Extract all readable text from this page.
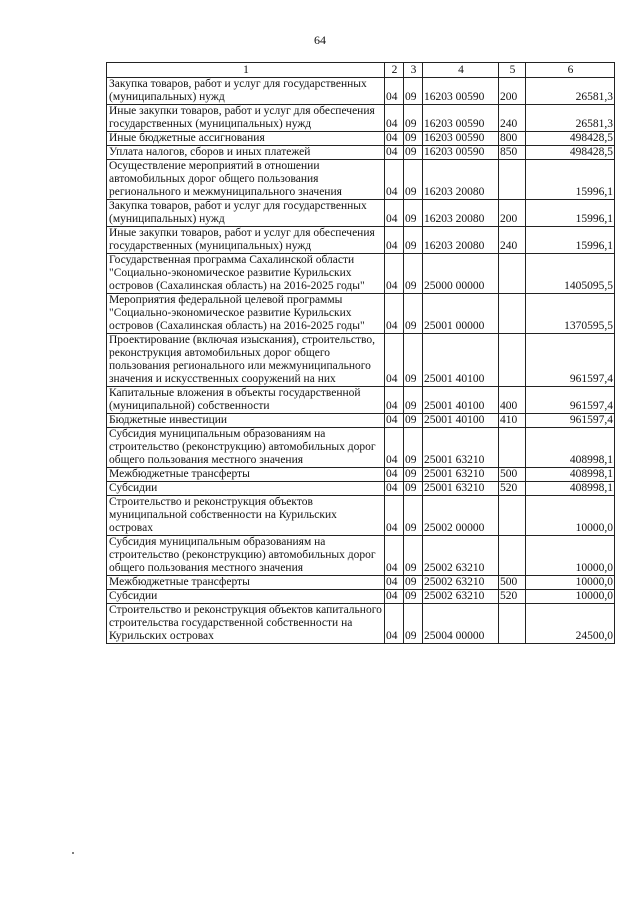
64
1	2	3	4	5	6
Закупка товаров, работ и услуг для государственных (муниципальных) нужд	04	09	16203 00590	200	26581,3
Иные закупки товаров, работ и услуг для обеспечения государственных (муниципальных) нужд	04	09	16203 00590	240	26581,3
Иные бюджетные ассигнования	04	09	16203 00590	800	498428,5
Уплата налогов, сборов и иных платежей	04	09	16203 00590	850	498428,5
Осуществление мероприятий в отношении автомобильных дорог общего пользования регионального и межмуниципального значения	04	09	16203 20080		15996,1
Закупка товаров, работ и услуг для государственных (муниципальных) нужд	04	09	16203 20080	200	15996,1
Иные закупки товаров, работ и услуг для обеспечения государственных (муниципальных) нужд	04	09	16203 20080	240	15996,1
Государственная программа Сахалинской области "Социально-экономическое развитие Курильских островов (Сахалинская область) на 2016-2025 годы"	04	09	25000 00000		1405095,5
Мероприятия федеральной целевой программы "Социально-экономическое развитие Курильских островов (Сахалинская область) на 2016-2025 годы"	04	09	25001 00000		1370595,5
Проектирование (включая изыскания), строительство, реконструкция автомобильных дорог общего пользования регионального или межмуниципального значения и искусственных сооружений на них	04	09	25001 40100		961597,4
Капитальные вложения в объекты государственной (муниципальной) собственности	04	09	25001 40100	400	961597,4
Бюджетные инвестиции	04	09	25001 40100	410	961597,4
Субсидия муниципальным образованиям на строительство (реконструкцию) автомобильных дорог общего пользования местного значения	04	09	25001 63210		408998,1
Межбюджетные трансферты	04	09	25001 63210	500	408998,1
Субсидии	04	09	25001 63210	520	408998,1
Строительство и реконструкция объектов муниципальной собственности на Курильских островах	04	09	25002 00000		10000,0
Субсидия муниципальным образованиям на строительство (реконструкцию) автомобильных дорог общего пользования местного значения	04	09	25002 63210		10000,0
Межбюджетные трансферты	04	09	25002 63210	500	10000,0
Субсидии	04	09	25002 63210	520	10000,0
Строительство и реконструкция объектов капитального строительства государственной собственности на Курильских островах	04	09	25004 00000		24500,0
